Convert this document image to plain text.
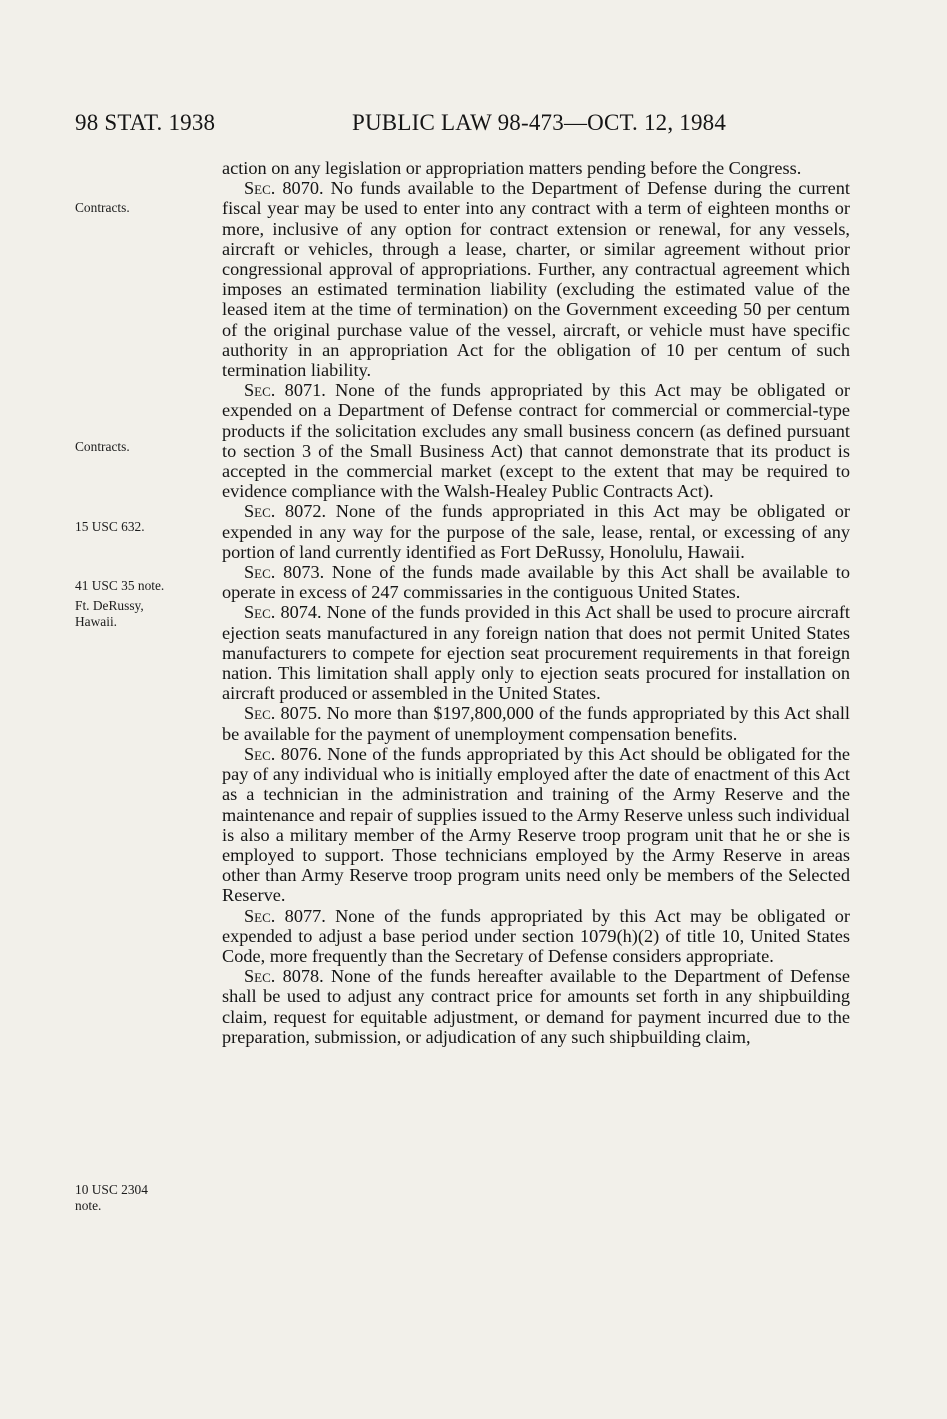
98 STAT. 1938	PUBLIC LAW 98-473—OCT. 12, 1984
Contracts.
Contracts.
15 USC 632.
41 USC 35 note.
Ft. DeRussy,
Hawaii.
10 USC 2304
note.

action on any legislation or appropriation matters pending before the Congress.

Sec. 8070. No funds available to the Department of Defense during the current fiscal year may be used to enter into any contract with a term of eighteen months or more, inclusive of any option for contract extension or renewal, for any vessels, aircraft or vehicles, through a lease, charter, or similar agreement without prior congressional approval of appropriations. Further, any contractual agreement which imposes an estimated termination liability (excluding the estimated value of the leased item at the time of termination) on the Government exceeding 50 per centum of the original purchase value of the vessel, aircraft, or vehicle must have specific authority in an appropriation Act for the obligation of 10 per centum of such termination liability.

Sec. 8071. None of the funds appropriated by this Act may be obligated or expended on a Department of Defense contract for commercial or commercial-type products if the solicitation excludes any small business concern (as defined pursuant to section 3 of the Small Business Act) that cannot demonstrate that its product is accepted in the commercial market (except to the extent that may be required to evidence compliance with the Walsh-Healey Public Contracts Act).

Sec. 8072. None of the funds appropriated in this Act may be obligated or expended in any way for the purpose of the sale, lease, rental, or excessing of any portion of land currently identified as Fort DeRussy, Honolulu, Hawaii.

Sec. 8073. None of the funds made available by this Act shall be available to operate in excess of 247 commissaries in the contiguous United States.

Sec. 8074. None of the funds provided in this Act shall be used to procure aircraft ejection seats manufactured in any foreign nation that does not permit United States manufacturers to compete for ejection seat procurement requirements in that foreign nation. This limitation shall apply only to ejection seats procured for installation on aircraft produced or assembled in the United States.

Sec. 8075. No more than $197,800,000 of the funds appropriated by this Act shall be available for the payment of unemployment compensation benefits.

Sec. 8076. None of the funds appropriated by this Act should be obligated for the pay of any individual who is initially employed after the date of enactment of this Act as a technician in the administration and training of the Army Reserve and the maintenance and repair of supplies issued to the Army Reserve unless such individual is also a military member of the Army Reserve troop program unit that he or she is employed to support. Those technicians employed by the Army Reserve in areas other than Army Reserve troop program units need only be members of the Selected Reserve.

Sec. 8077. None of the funds appropriated by this Act may be obligated or expended to adjust a base period under section 1079(h)(2) of title 10, United States Code, more frequently than the Secretary of Defense considers appropriate.

Sec. 8078. None of the funds hereafter available to the Department of Defense shall be used to adjust any contract price for amounts set forth in any shipbuilding claim, request for equitable adjustment, or demand for payment incurred due to the preparation, submission, or adjudication of any such shipbuilding claim,
